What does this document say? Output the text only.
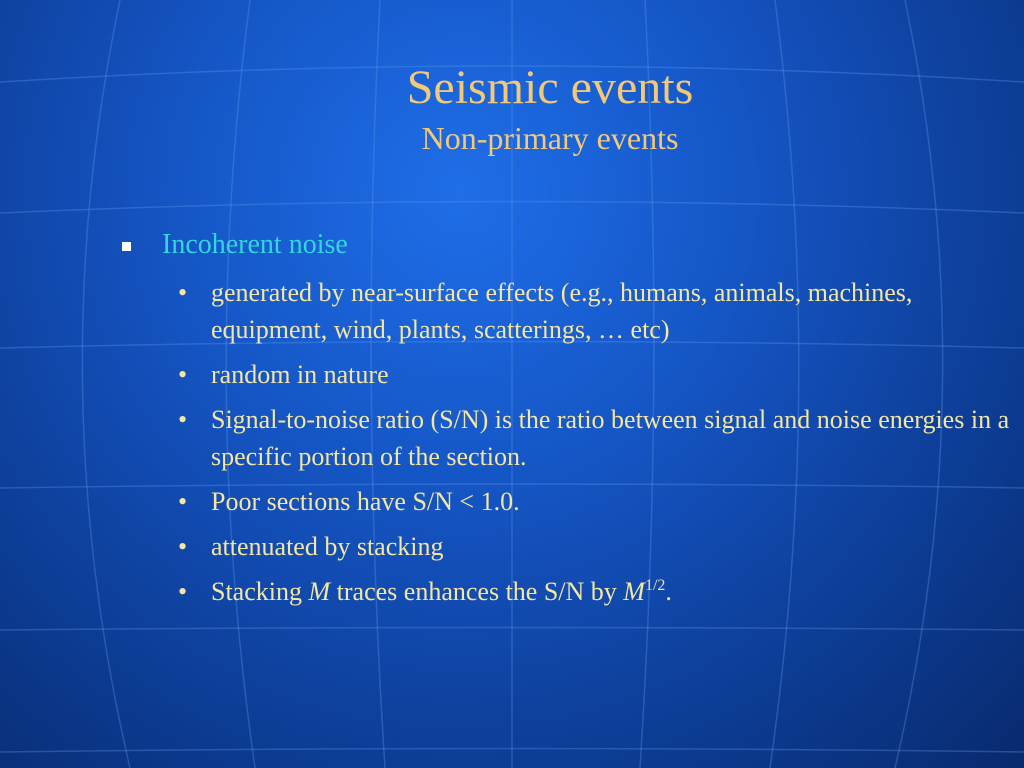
Seismic events
Non-primary events
Incoherent noise
• generated by near-surface effects (e.g., humans, animals, machines, equipment, wind, plants, scatterings, … etc)
• random in nature
• Signal-to-noise ratio (S/N) is the ratio between signal and noise energies in a specific portion of the section.
• Poor sections have S/N < 1.0.
• attenuated by stacking
• Stacking M traces enhances the S/N by $M^{1/2}$.
